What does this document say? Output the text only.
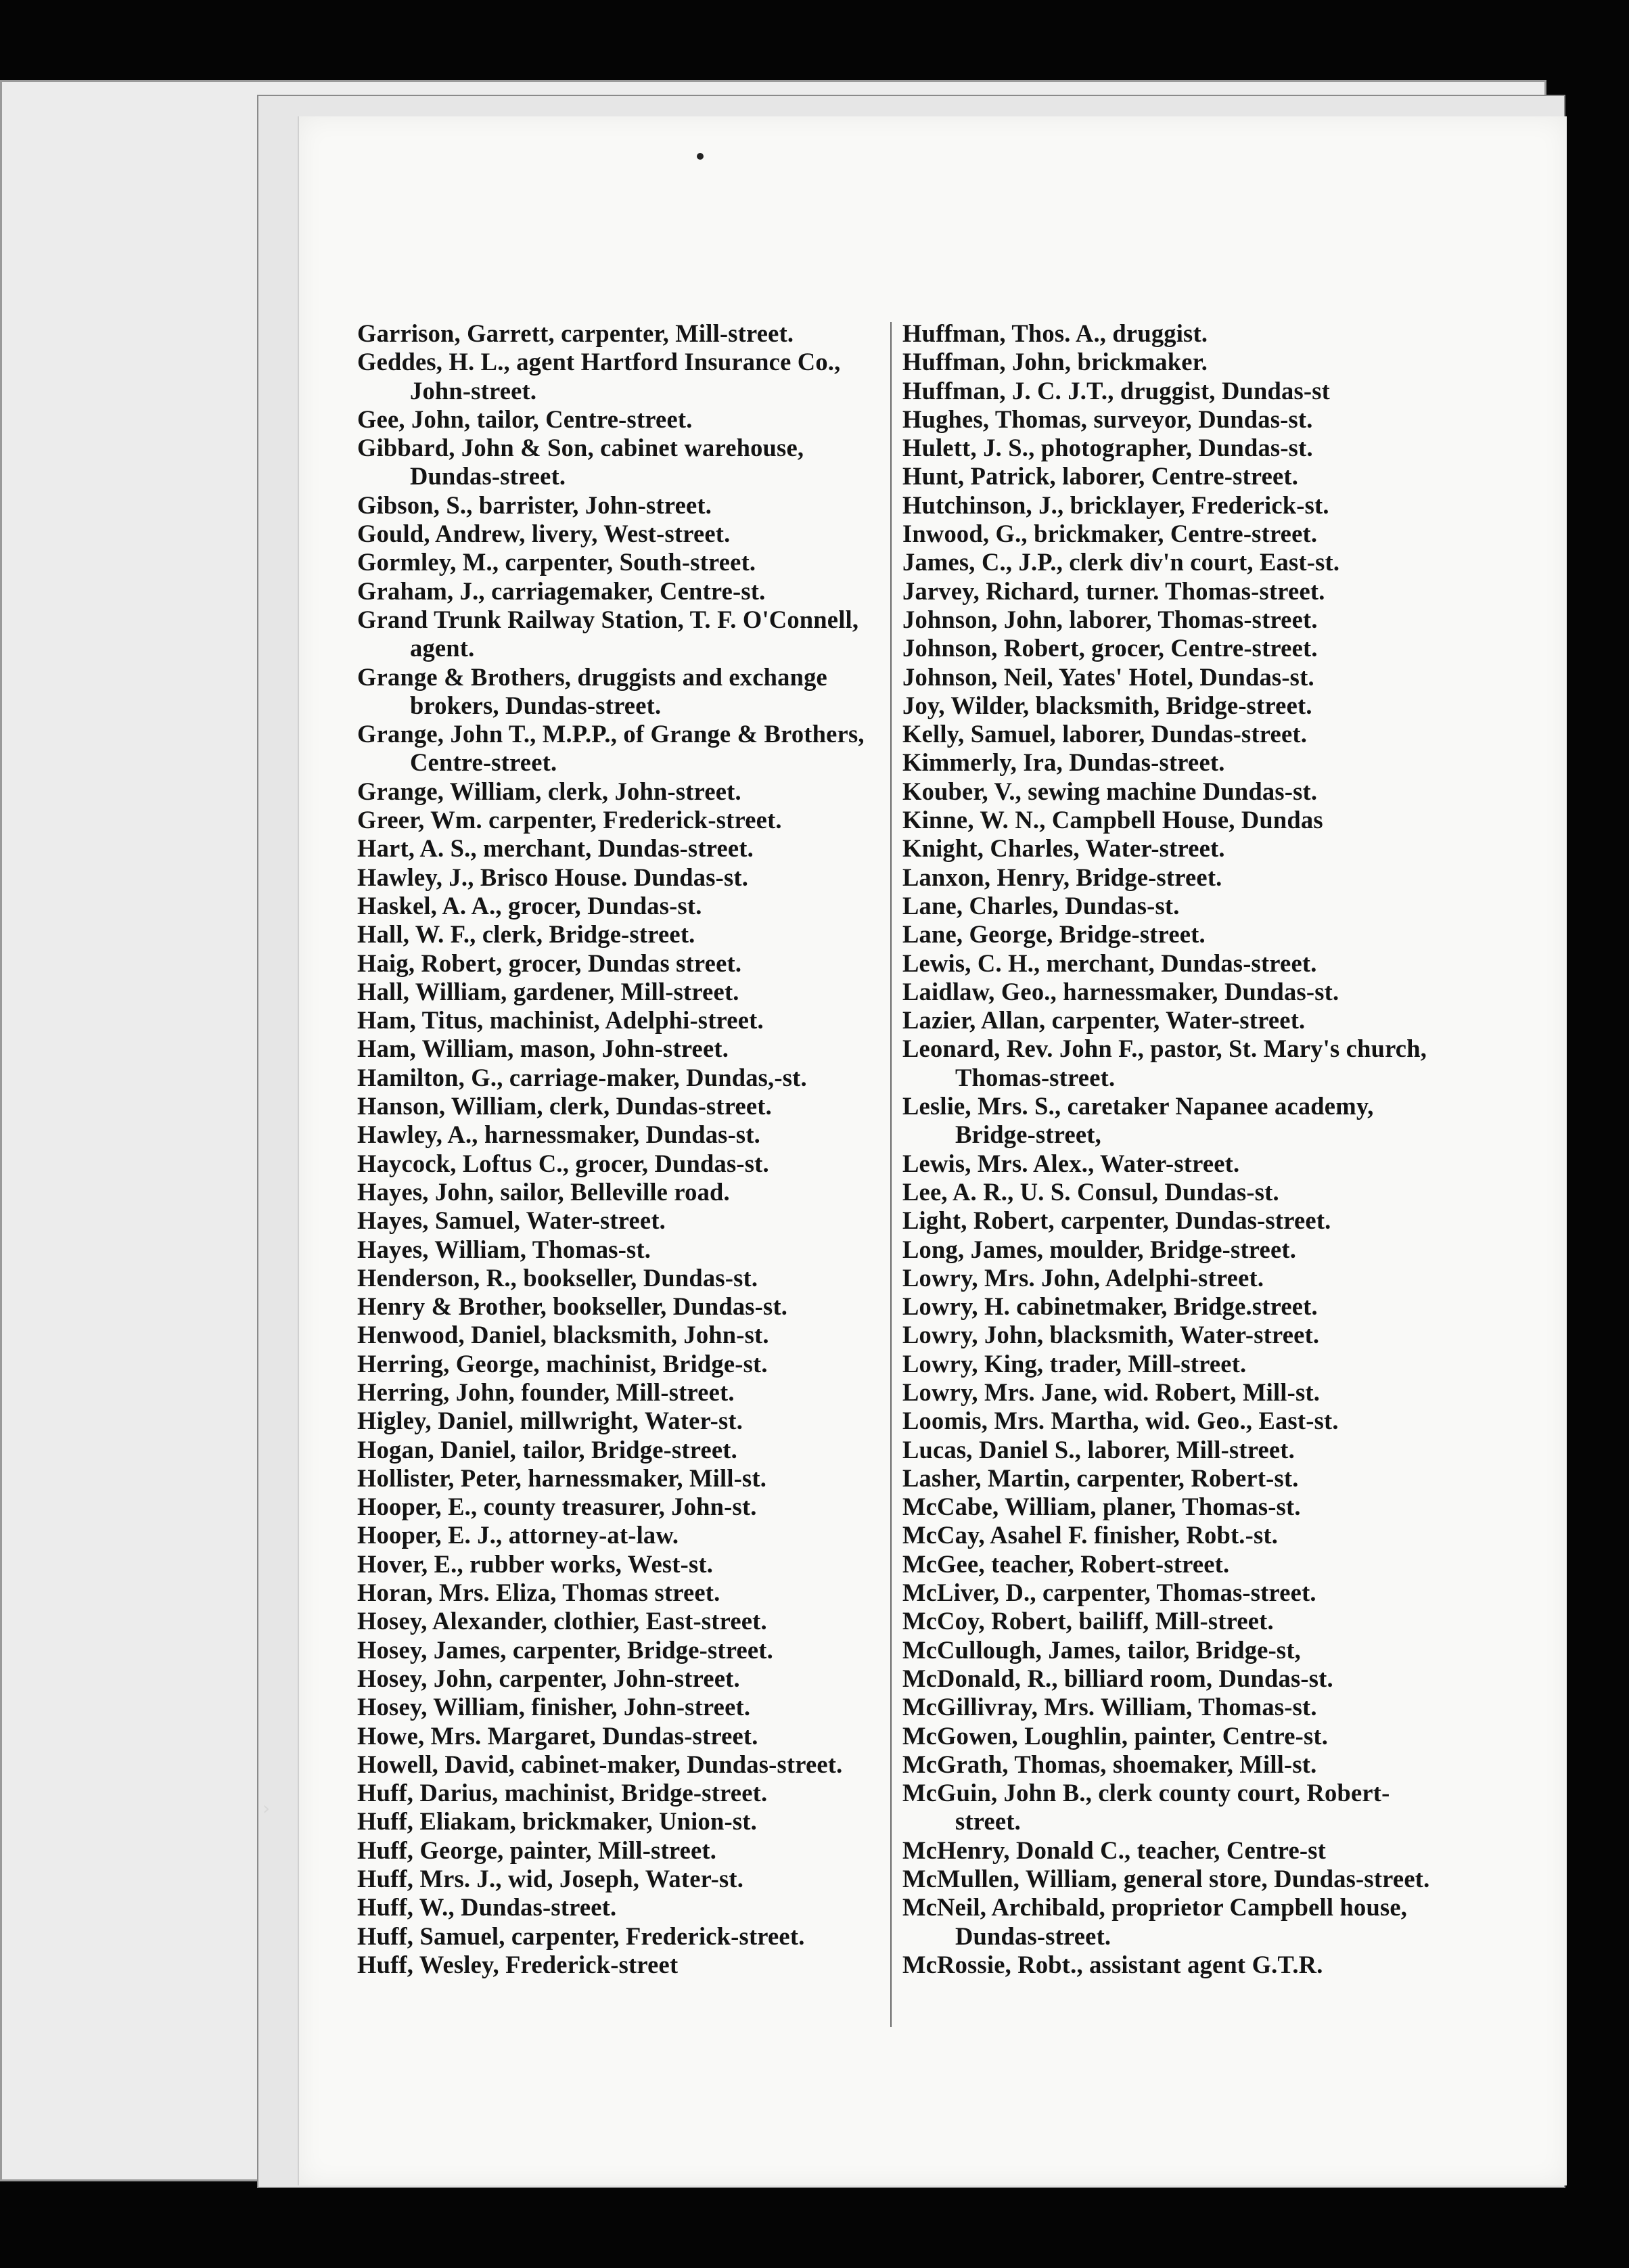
›
Garrison, Garrett, carpenter, Mill-street.
Geddes, H. L., agent Hartford Insurance Co., John-street.
Gee, John, tailor, Centre-street.
Gibbard, John & Son, cabinet warehouse, Dundas-street.
Gibson, S., barrister, John-street.
Gould, Andrew, livery, West-street.
Gormley, M., carpenter, South-street.
Graham, J., carriagemaker, Centre-st.
Grand Trunk Railway Station, T. F. O'Connell, agent.
Grange & Brothers, druggists and exchange brokers, Dundas-street.
Grange, John T., M.P.P., of Grange & Brothers, Centre-street.
Grange, William, clerk, John-street.
Greer, Wm. carpenter, Frederick-street.
Hart, A. S., merchant, Dundas-street.
Hawley, J., Brisco House. Dundas-st.
Haskel, A. A., grocer, Dundas-st.
Hall, W. F., clerk, Bridge-street.
Haig, Robert, grocer, Dundas street.
Hall, William, gardener, Mill-street.
Ham, Titus, machinist, Adelphi-street.
Ham, William, mason, John-street.
Hamilton, G., carriage-maker, Dundas,-st.
Hanson, William, clerk, Dundas-street.
Hawley, A., harnessmaker, Dundas-st.
Haycock, Loftus C., grocer, Dundas-st.
Hayes, John, sailor, Belleville road.
Hayes, Samuel, Water-street.
Hayes, William, Thomas-st.
Henderson, R., bookseller, Dundas-st.
Henry & Brother, bookseller, Dundas-st.
Henwood, Daniel, blacksmith, John-st.
Herring, George, machinist, Bridge-st.
Herring, John, founder, Mill-street.
Higley, Daniel, millwright, Water-st.
Hogan, Daniel, tailor, Bridge-street.
Hollister, Peter, harnessmaker, Mill-st.
Hooper, E., county treasurer, John-st.
Hooper, E. J., attorney-at-law.
Hover, E., rubber works, West-st.
Horan, Mrs. Eliza, Thomas street.
Hosey, Alexander, clothier, East-street.
Hosey, James, carpenter, Bridge-street.
Hosey, John, carpenter, John-street.
Hosey, William, finisher, John-street.
Howe, Mrs. Margaret, Dundas-street.
Howell, David, cabinet-maker, Dundas-street.
Huff, Darius, machinist, Bridge-street.
Huff, Eliakam, brickmaker, Union-st.
Huff, George, painter, Mill-street.
Huff, Mrs. J., wid, Joseph, Water-st.
Huff, W., Dundas-street.
Huff, Samuel, carpenter, Frederick-street.
Huff, Wesley, Frederick-street
Huffman, Thos. A., druggist.
Huffman, John, brickmaker.
Huffman, J. C. J.T., druggist, Dundas-st
Hughes, Thomas, surveyor, Dundas-st.
Hulett, J. S., photographer, Dundas-st.
Hunt, Patrick, laborer, Centre-street.
Hutchinson, J., bricklayer, Frederick-st.
Inwood, G., brickmaker, Centre-street.
James, C., J.P., clerk div'n court, East-st.
Jarvey, Richard, turner. Thomas-street.
Johnson, John, laborer, Thomas-street.
Johnson, Robert, grocer, Centre-street.
Johnson, Neil, Yates' Hotel, Dundas-st.
Joy, Wilder, blacksmith, Bridge-street.
Kelly, Samuel, laborer, Dundas-street.
Kimmerly, Ira, Dundas-street.
Kouber, V., sewing machine Dundas-st.
Kinne, W. N., Campbell House, Dundas
Knight, Charles, Water-street.
Lanxon, Henry, Bridge-street.
Lane, Charles, Dundas-st.
Lane, George, Bridge-street.
Lewis, C. H., merchant, Dundas-street.
Laidlaw, Geo., harnessmaker, Dundas-st.
Lazier, Allan, carpenter, Water-street.
Leonard, Rev. John F., pastor, St. Mary's church, Thomas-street.
Leslie, Mrs. S., caretaker Napanee academy, Bridge-street,
Lewis, Mrs. Alex., Water-street.
Lee, A. R., U. S. Consul, Dundas-st.
Light, Robert, carpenter, Dundas-street.
Long, James, moulder, Bridge-street.
Lowry, Mrs. John, Adelphi-street.
Lowry, H. cabinetmaker, Bridge.street.
Lowry, John, blacksmith, Water-street.
Lowry, King, trader, Mill-street.
Lowry, Mrs. Jane, wid. Robert, Mill-st.
Loomis, Mrs. Martha, wid. Geo., East-st.
Lucas, Daniel S., laborer, Mill-street.
Lasher, Martin, carpenter, Robert-st.
McCabe, William, planer, Thomas-st.
McCay, Asahel F. finisher, Robt.-st.
McGee, teacher, Robert-street.
McLiver, D., carpenter, Thomas-street.
McCoy, Robert, bailiff, Mill-street.
McCullough, James, tailor, Bridge-st,
McDonald, R., billiard room, Dundas-st.
McGillivray, Mrs. William, Thomas-st.
McGowen, Loughlin, painter, Centre-st.
McGrath, Thomas, shoemaker, Mill-st.
McGuin, John B., clerk county court, Robert-street.
McHenry, Donald C., teacher, Centre-st
McMullen, William, general store, Dundas-street.
McNeil, Archibald, proprietor Campbell house, Dundas-street.
McRossie, Robt., assistant agent G.T.R.
